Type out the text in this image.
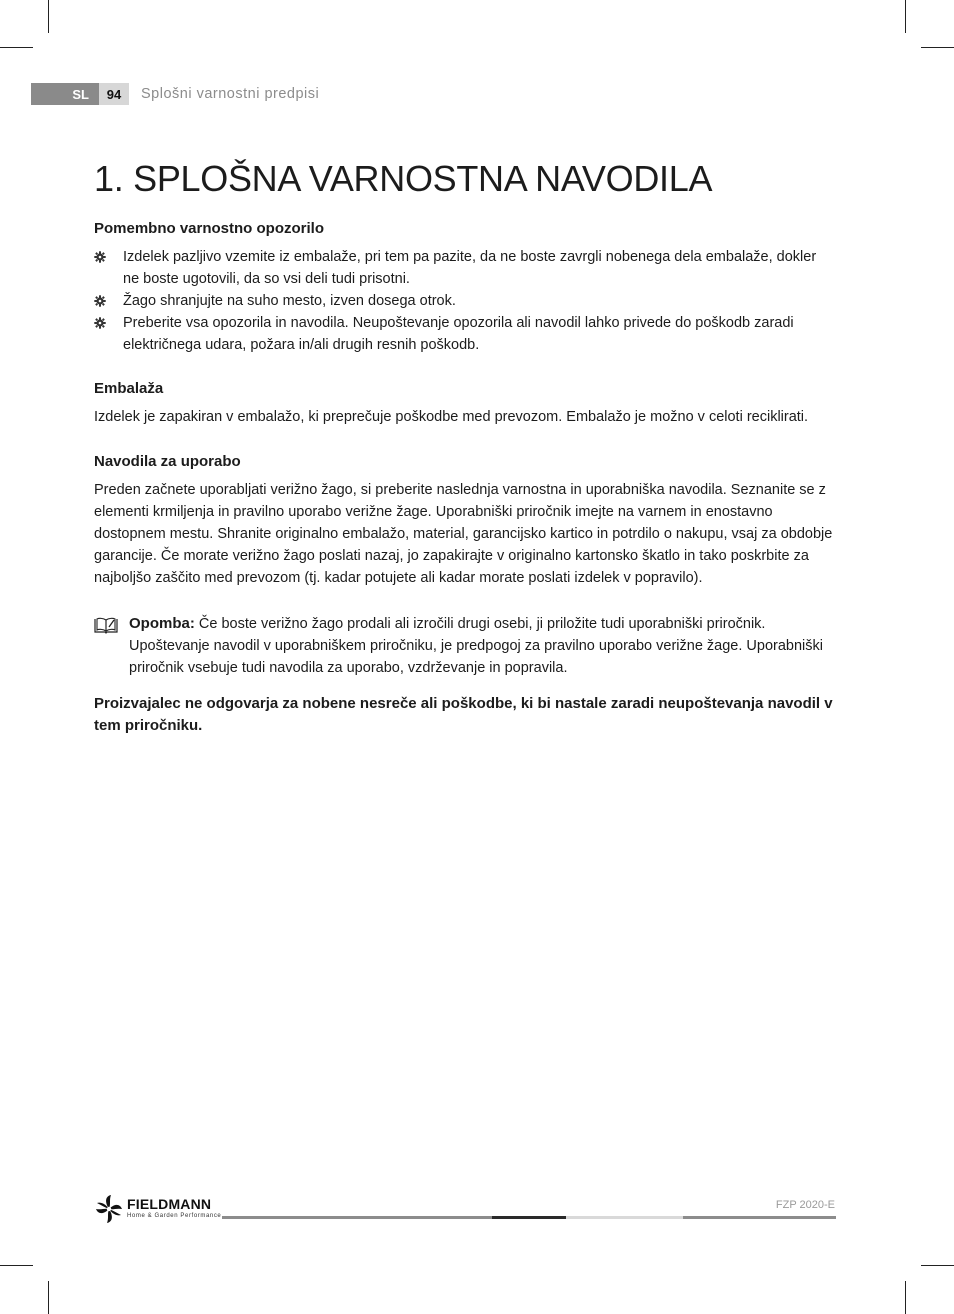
SL	94	Splošni varnostni predpisi
1. SPLOŠNA VARNOSTNA NAVODILA

Pomembno varnostno opozorilo

Izdelek pazljivo vzemite iz embalaže, pri tem pa pazite, da ne boste zavrgli nobenega dela embalaže, dokler ne boste ugotovili, da so vsi deli tudi prisotni.
Žago shranjujte na suho mesto, izven dosega otrok.
Preberite vsa opozorila in navodila. Neupoštevanje opozorila ali navodil lahko privede do poškodb zaradi električnega udara, požara in/ali drugih resnih poškodb.

Embalaža

Izdelek je zapakiran v embalažo, ki preprečuje poškodbe med prevozom. Embalažo je možno v celoti reciklirati.

Navodila za uporabo

Preden začnete uporabljati verižno žago, si preberite naslednja varnostna in uporabniška navodila. Seznanite se z elementi krmiljenja in pravilno uporabo verižne žage. Uporabniški priročnik imejte na varnem in enostavno dostopnem mestu. Shranite originalno embalažo, material, garancijsko kartico in potrdilo o nakupu, vsaj za obdobje garancije. Če morate verižno žago poslati nazaj, jo zapakirajte v originalno kartonsko škatlo in tako poskrbite za najboljšo zaščito med prevozom (tj. kadar potujete ali kadar morate poslati izdelek v popravilo).

Opomba: Če boste verižno žago prodali ali izročili drugi osebi, ji priložite tudi uporabniški priročnik. Upoštevanje navodil v uporabniškem priročniku, je predpogoj za pravilno uporabo verižne žage. Uporabniški priročnik vsebuje tudi navodila za uporabo, vzdrževanje in popravila.

Proizvajalec ne odgovarja za nobene nesreče ali poškodbe, ki bi nastale zaradi neupoštevanja navodil v tem priročniku.

FIELDMANN
Home & Garden Performance
FZP 2020-E
